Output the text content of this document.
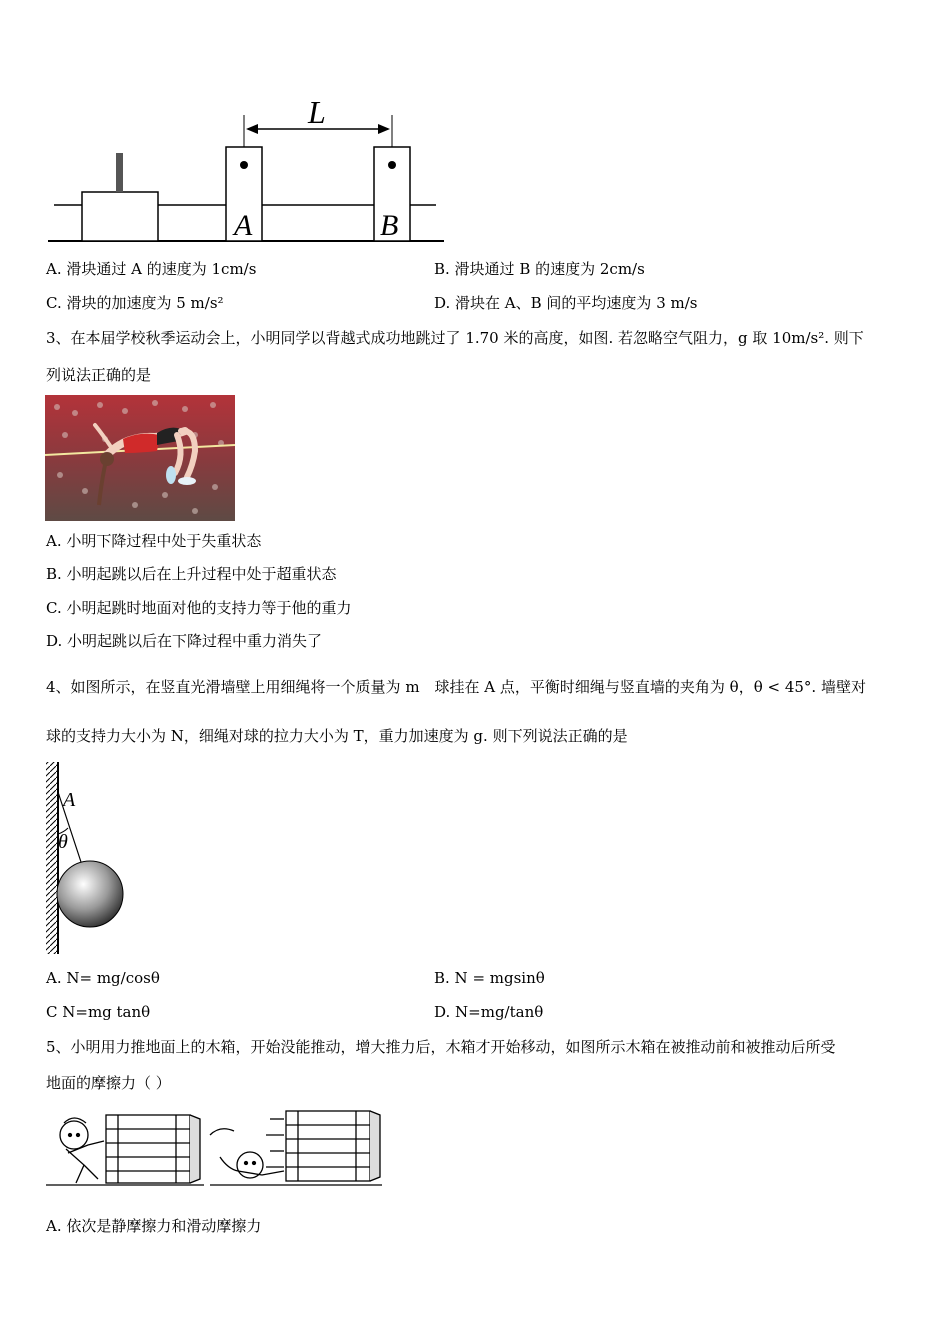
L
A	B
A. 滑块通过 A 的速度为 1cm/s	B. 滑块通过 B 的速度为 2cm/s
C. 滑块的加速度为 5 m/s²	D. 滑块在 A、B 间的平均速度为 3 m/s
3、在本届学校秋季运动会上，小明同学以背越式成功地跳过了 1.70 米的高度，如图. 若忽略空气阻力，g 取 10m/s². 则下
列说法正确的是
A. 小明下降过程中处于失重状态
B. 小明起跳以后在上升过程中处于超重状态
C. 小明起跳时地面对他的支持力等于他的重力
D. 小明起跳以后在下降过程中重力消失了
4、如图所示，在竖直光滑墙壁上用细绳将一个质量为 m　球挂在 A 点，平衡时细绳与竖直墙的夹角为 θ，θ < 45°. 墙壁对
球的支持力大小为 N，细绳对球的拉力大小为 T，重力加速度为 g. 则下列说法正确的是
A
θ
A. N= mg/cosθ	B. N = mgsinθ
C N=mg tanθ	D. N=mg/tanθ
5、小明用力推地面上的木箱，开始没能推动，增大推力后，木箱才开始移动，如图所示木箱在被推动前和被推动后所受
地面的摩擦力（ ）
A. 依次是静摩擦力和滑动摩擦力
